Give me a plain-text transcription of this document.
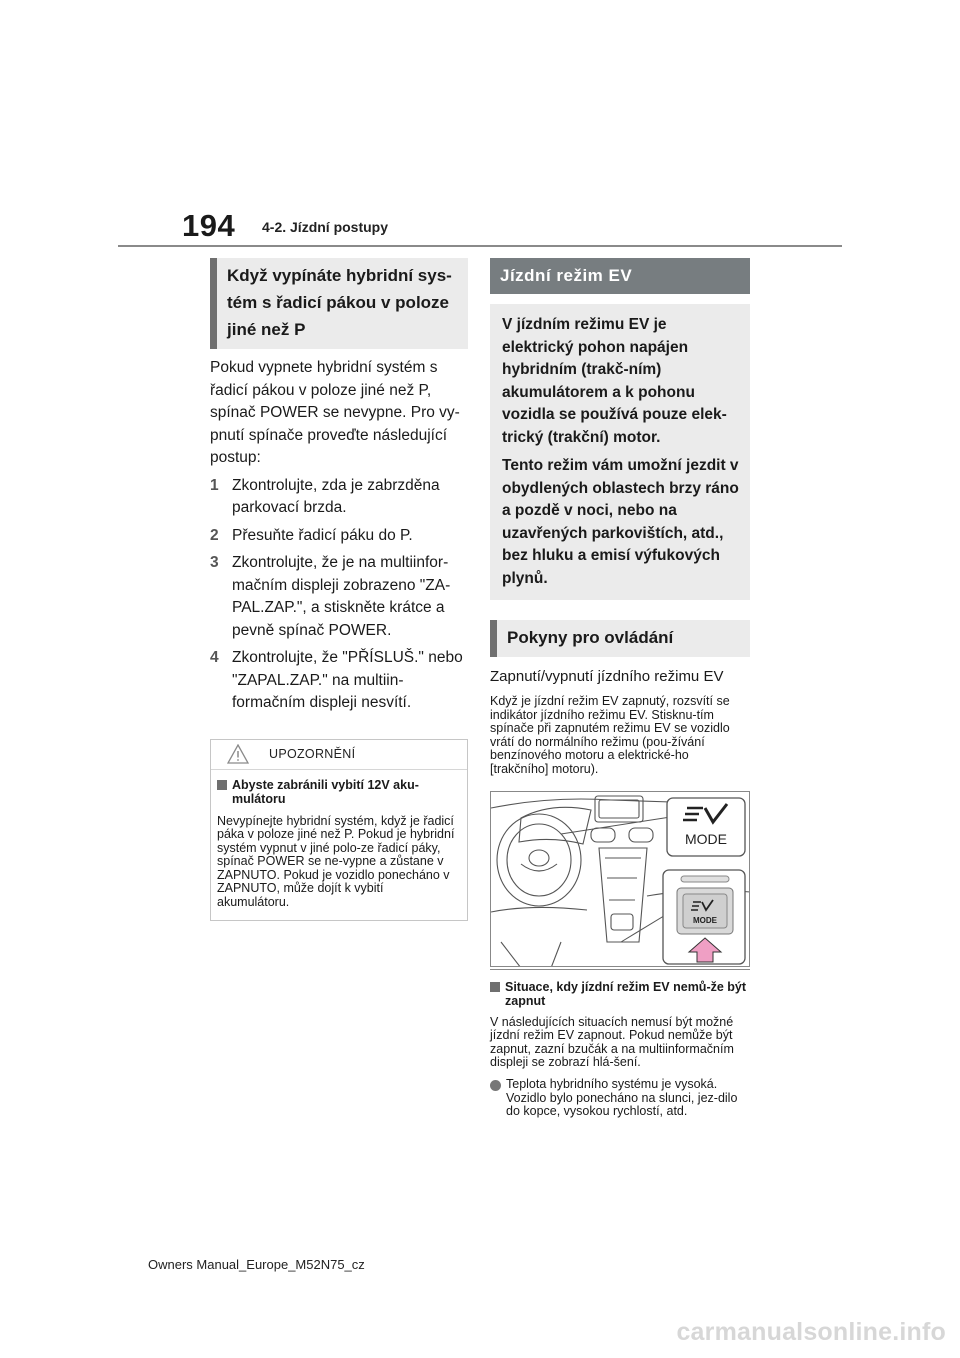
194 4-2. Jízdní postupy
Když vypínáte hybridní sys-tém s řadicí pákou v poloze jiné než P

Pokud vypnete hybridní systém s řadicí pákou v poloze jiné než P, spínač POWER se nevypne. Pro vy-pnutí spínače proveďte následující postup:

1 Zkontrolujte, zda je zabrzděna parkovací brzda.
2 Přesuňte řadicí páku do P.
3 Zkontrolujte, že je na multiinfor-mačním displeji zobrazeno "ZA-PAL.ZAP.", a stiskněte krátce a pevně spínač POWER.
4 Zkontrolujte, že "PŘÍSLUŠ." nebo "ZAPAL.ZAP." na multiin-formačním displeji nesvítí.
UPOZORNĚNÍ
Abyste zabránili vybití 12V aku-mulátoru

Nevypínejte hybridní systém, když je řadicí páka v poloze jiné než P. Pokud je hybridní systém vypnut v jiné polo-ze řadicí páky, spínač POWER se ne-vypne a zůstane v ZAPNUTO. Pokud je vozidlo ponecháno v ZAPNUTO, může dojít k vybití akumulátoru.

Jízdní režim EV

V jízdním režimu EV je elektrický pohon napájen hybridním (trakč-ním) akumulátorem a k pohonu vozidla se používá pouze elek-trický (trakční) motor.

Tento režim vám umožní jezdit v obydlených oblastech brzy ráno a pozdě v noci, nebo na uzavřených parkovištích, atd., bez hluku a emisí výfukových plynů.

Pokyny pro ovládání

Zapnutí/vypnutí jízdního režimu EV

Když je jízdní režim EV zapnutý, rozsvítí se indikátor jízdního režimu EV. Stisknu-tím spínače při zapnutém režimu EV se vozidlo vrátí do normálního režimu (pou-žívání benzínového motoru a elektrické-ho [trakčního] motoru).

MODE
MODE
Situace, kdy jízdní režim EV nemů-že být zapnut

V následujících situacích nemusí být možné jízdní režim EV zapnout. Pokud nemůže být zapnut, zazní bzučák a na multiinformačním displeji se zobrazí hlá-šení.

Teplota hybridního systému je vysoká. Vozidlo bylo ponecháno na slunci, jez-dilo do kopce, vysokou rychlostí, atd.
Owners Manual_Europe_M52N75_cz
carmanualsonline.info
